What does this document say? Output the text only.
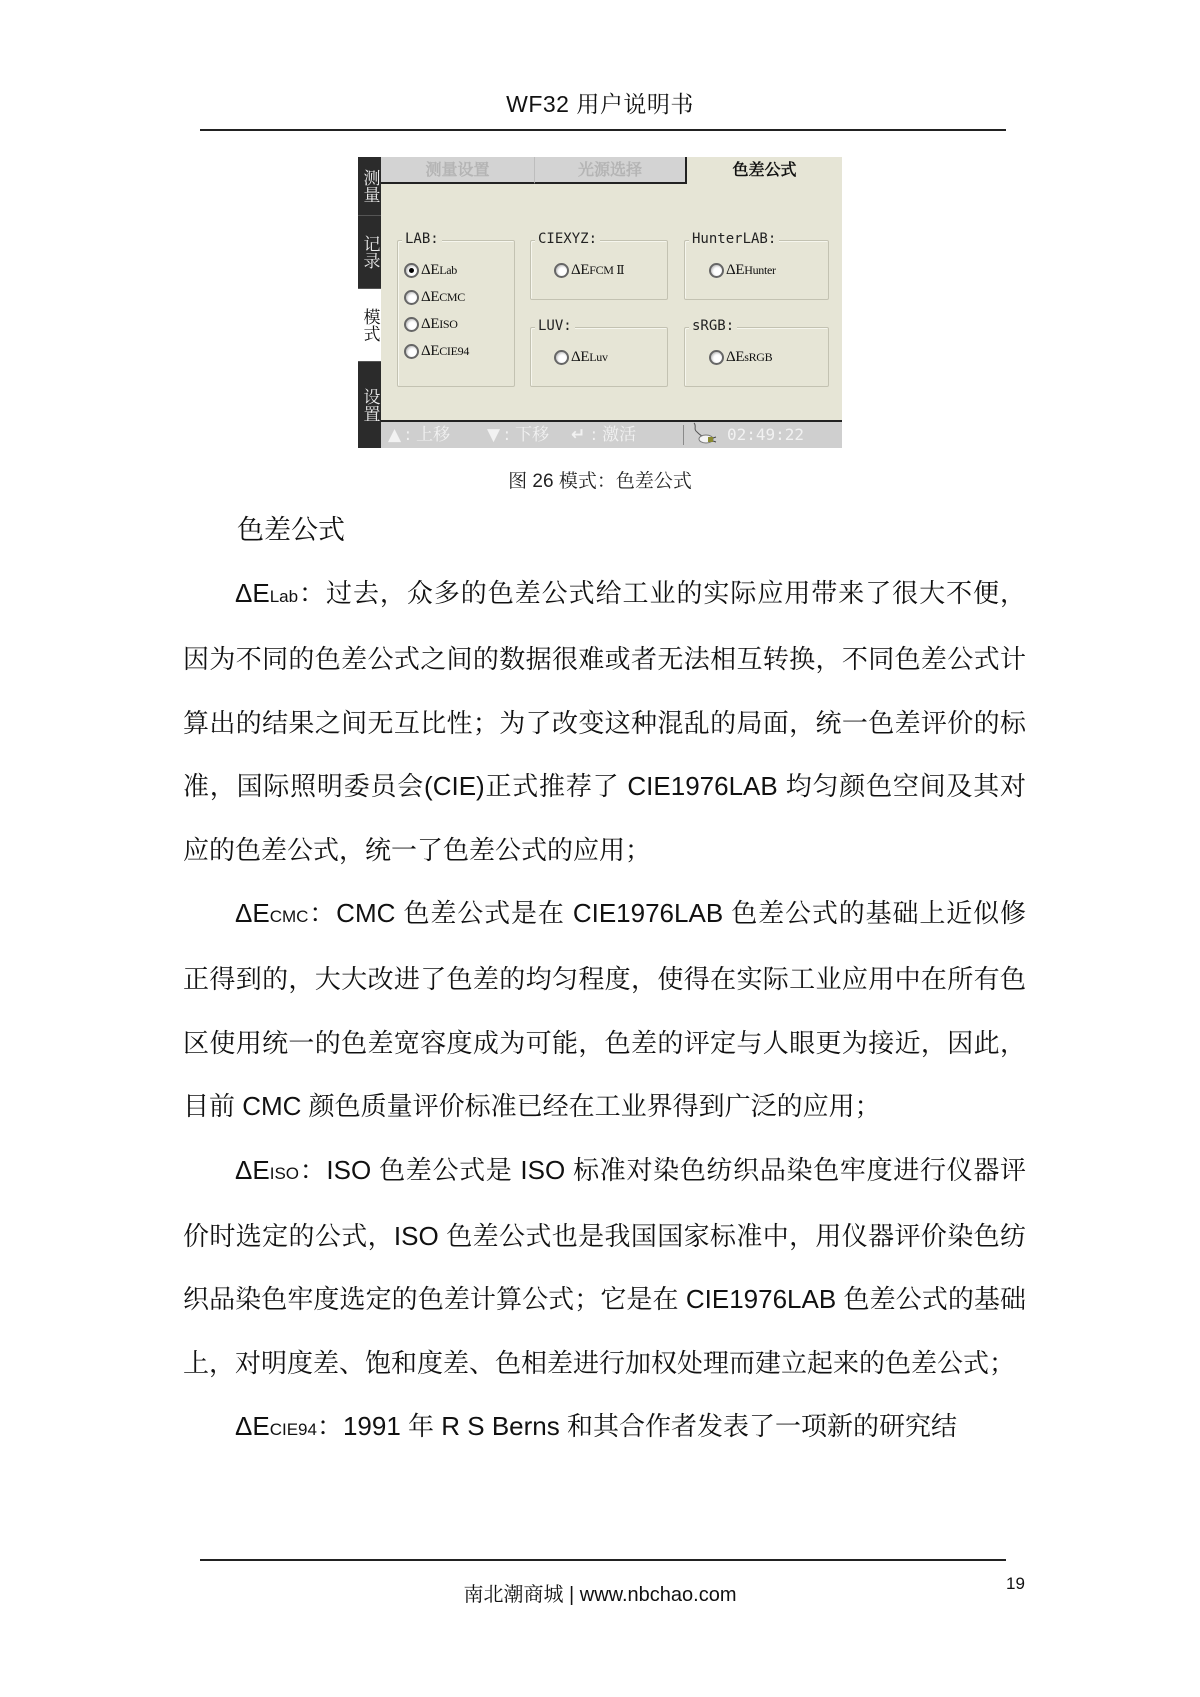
WF32 用户说明书
测量
记录
模式
设置
测量设置	光源选择	色差公式
LAB:
ΔELab
ΔECMC
ΔEISO
ΔECIE94
CIEXYZ:
ΔEFCM Ⅱ
HunterLAB:
ΔEHunter
LUV:
ΔELuv
sRGB:
ΔEsRGB
▲ : 上移 ▼ : 下移 ↵ : 激活	02:49:22
图 26 模式：色差公式
色差公式

ΔELab：过去，众多的色差公式给工业的实际应用带来了很大不便，因为不同的色差公式之间的数据很难或者无法相互转换，不同色差公式计算出的结果之间无互比性；为了改变这种混乱的局面，统一色差评价的标准，国际照明委员会(CIE)正式推荐了 CIE1976LAB 均匀颜色空间及其对应的色差公式，统一了色差公式的应用；

ΔECMC：CMC 色差公式是在 CIE1976LAB 色差公式的基础上近似修正得到的，大大改进了色差的均匀程度，使得在实际工业应用中在所有色区使用统一的色差宽容度成为可能，色差的评定与人眼更为接近，因此，目前 CMC 颜色质量评价标准已经在工业界得到广泛的应用；

ΔEISO：ISO 色差公式是 ISO 标准对染色纺织品染色牢度进行仪器评价时选定的公式，ISO 色差公式也是我国国家标准中，用仪器评价染色纺织品染色牢度选定的色差计算公式；它是在 CIE1976LAB 色差公式的基础上，对明度差、饱和度差、色相差进行加权处理而建立起来的色差公式；

ΔECIE94：1991 年 R S Berns 和其合作者发表了一项新的研究结

南北潮商城 | www.nbchao.com
19
